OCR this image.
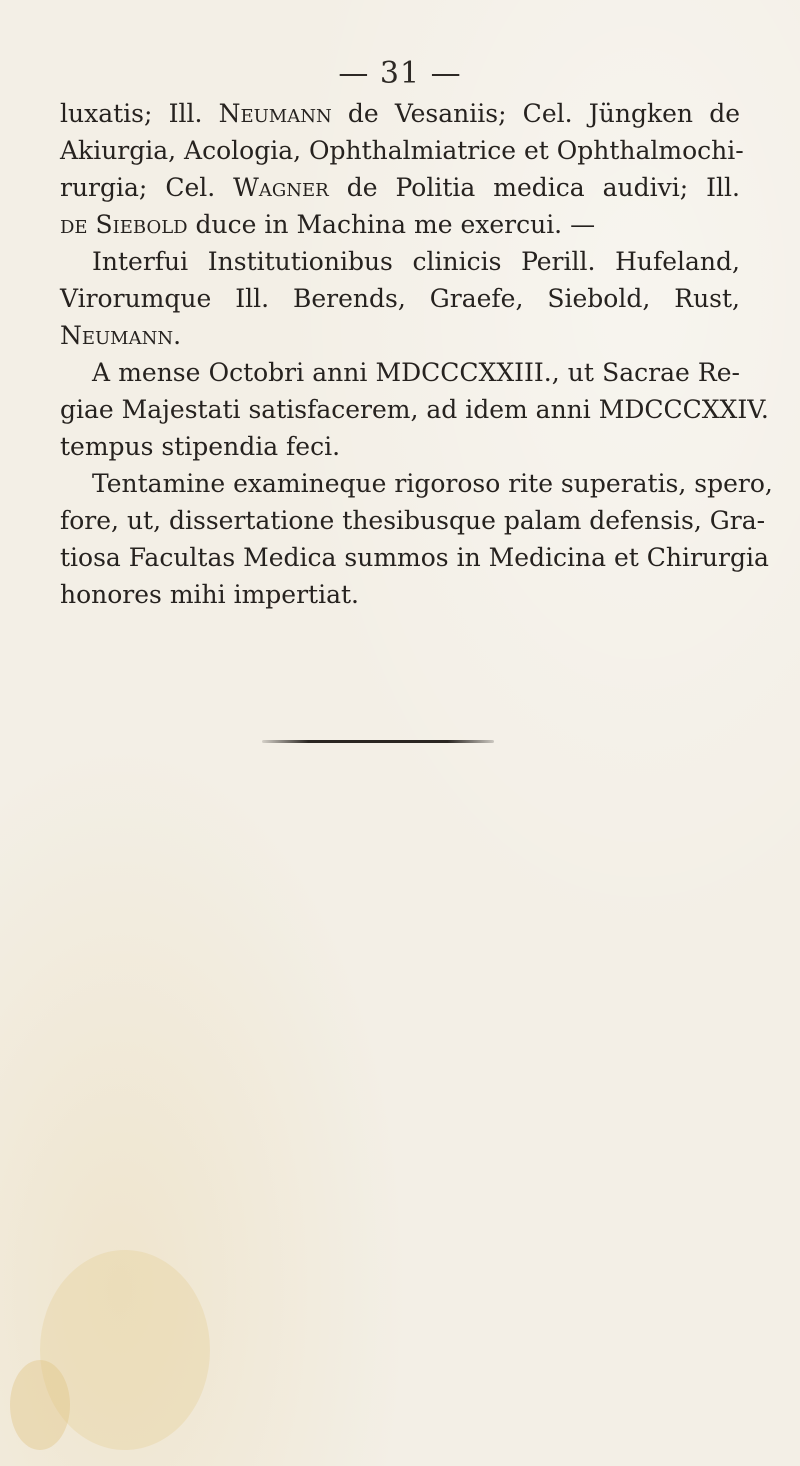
— 31 —
luxatis; Ill. Neumann de Vesaniis; Cel. Jüngken de
Akiurgia, Acologia, Ophthalmiatrice et Ophthalmochi-
rurgia; Cel. Wagner de Politia medica audivi; Ill.
de Siebold duce in Machina me exercui. —
Interfui Institutionibus clinicis Perill. Hufeland,
Virorumque Ill. Berends, Graefe, Siebold, Rust,
Neumann.
A mense Octobri anni MDCCCXXIII., ut Sacrae Re-
giae Majestati satisfacerem, ad idem anni MDCCCXXIV.
tempus stipendia feci.
Tentamine examineque rigoroso rite superatis, spero,
fore, ut, dissertatione thesibusque palam defensis, Gra-
tiosa Facultas Medica summos in Medicina et Chirurgia
honores mihi impertiat.
